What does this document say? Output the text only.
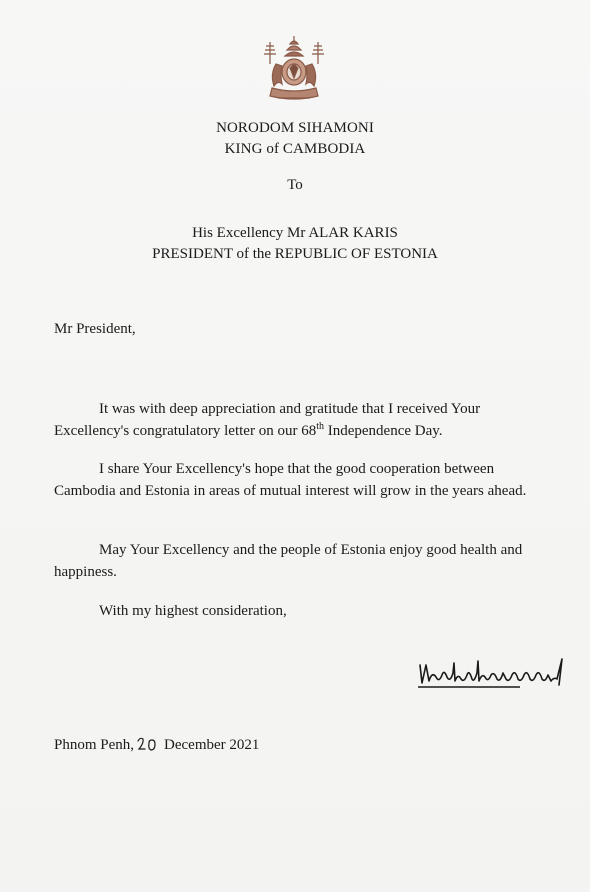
NORODOM SIHAMONI
KING of CAMBODIA
To
His Excellency Mr ALAR KARIS
PRESIDENT of the REPUBLIC OF ESTONIA
Mr President,
It was with deep appreciation and gratitude that I received Your Excellency's congratulatory letter on our 68th Independence Day.
I share Your Excellency's hope that the good cooperation between Cambodia and Estonia in areas of mutual interest will grow in the years ahead.
May Your Excellency and the people of Estonia enjoy good health and happiness.
With my highest consideration,
Phnom Penh, December 2021
